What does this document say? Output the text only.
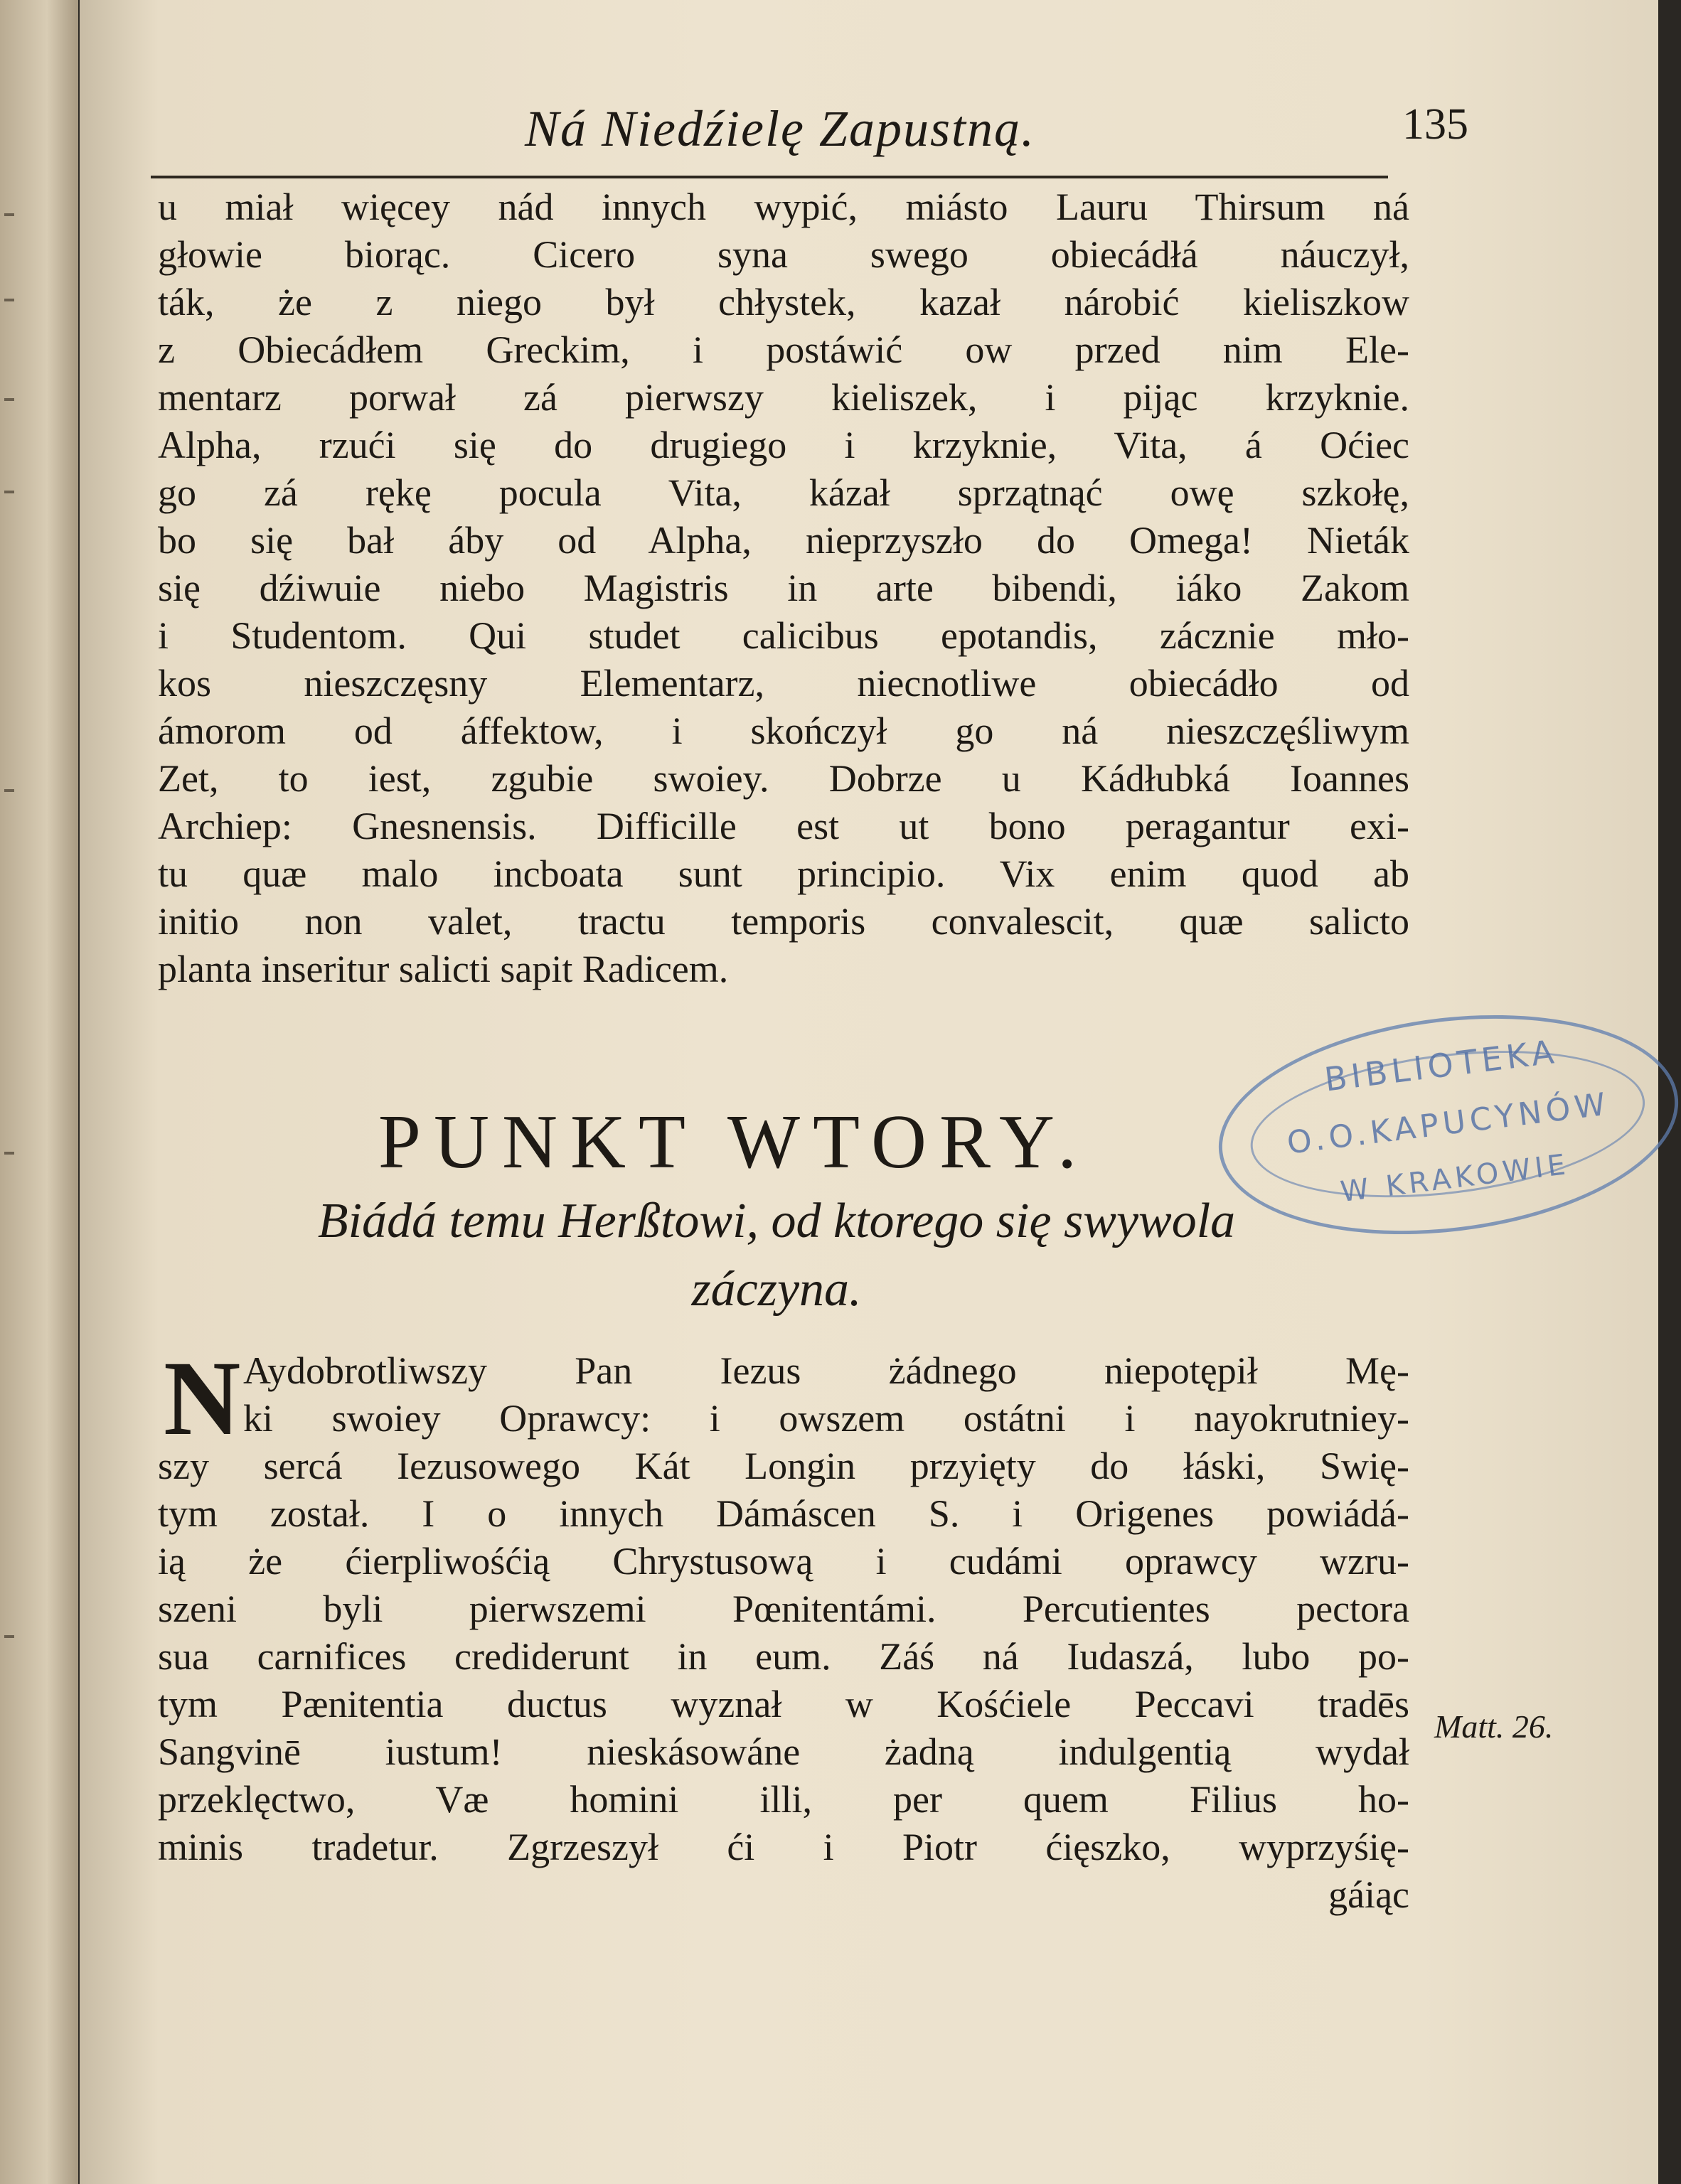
Ná Niedźielę Zapustną.	135
u miał więcey nád innych wypić, miásto Lauru Thirsum ná
głowie biorąc. Cicero syna swego obiecádłá náuczył,
ták, że z niego był chłystek, kazał nárobić kieliszkow
z Obiecádłem Greckim, i postáwić ow przed nim Ele-
mentarz porwał zá pierwszy kieliszek, i pijąc krzyknie.
Alpha, rzući się do drugiego i krzyknie, Vita, á Oćiec
go zá rękę pocula Vita, kázał sprzątnąć owę szkołę,
bo się bał áby od Alpha, nieprzyszło do Omega! Nieták
się dźiwuie niebo Magistris in arte bibendi, iáko Zakom
i Studentom. Qui studet calicibus epotandis, zácznie mło-
kos nieszczęsny Elementarz, niecnotliwe obiecádło od
ámorom od áffektow, i skończył go ná nieszczęśliwym
Zet, to iest, zgubie swoiey. Dobrze u Kádłubká Ioannes
Archiep: Gnesnensis. Difficille est ut bono peragantur exi-
tu quæ malo incboata sunt principio. Vix enim quod ab
initio non valet, tractu temporis convalescit, quæ salicto
planta inseritur salicti sapit Radicem.
PUNKT WTORY.
Biádá temu Herßtowi, od ktorego się swywola
záczyna.
N Aydobrotliwszy Pan Iezus żádnego niepotępił Mę-
ki swoiey Oprawcy: i owszem ostátni i nayokrutniey-
szy sercá Iezusowego Kát Longin przyięty do łáski, Swię-
tym został. I o innych Dámáscen S. i Origenes powiádá-
ią że ćierpliwośćią Chrystusową i cudámi oprawcy wzru-
szeni byli pierwszemi Pœnitentámi. Percutientes pectora
sua carnifices crediderunt in eum. Záś ná Iudaszá, lubo po-
tym Pænitentia ductus wyznał w Kośćiele Peccavi tradēs
Sangvinē iustum! nieskásowáne żadną indulgentią wydał
przeklęctwo, Væ homini illi, per quem Filius ho-
minis tradetur. Zgrzeszył ći i Piotr ćięszko, wyprzyśię-
gáiąc
Matt. 26.
BIBLIOTEKA
O.O.KAPUCYNÓW
W KRAKOWIE
